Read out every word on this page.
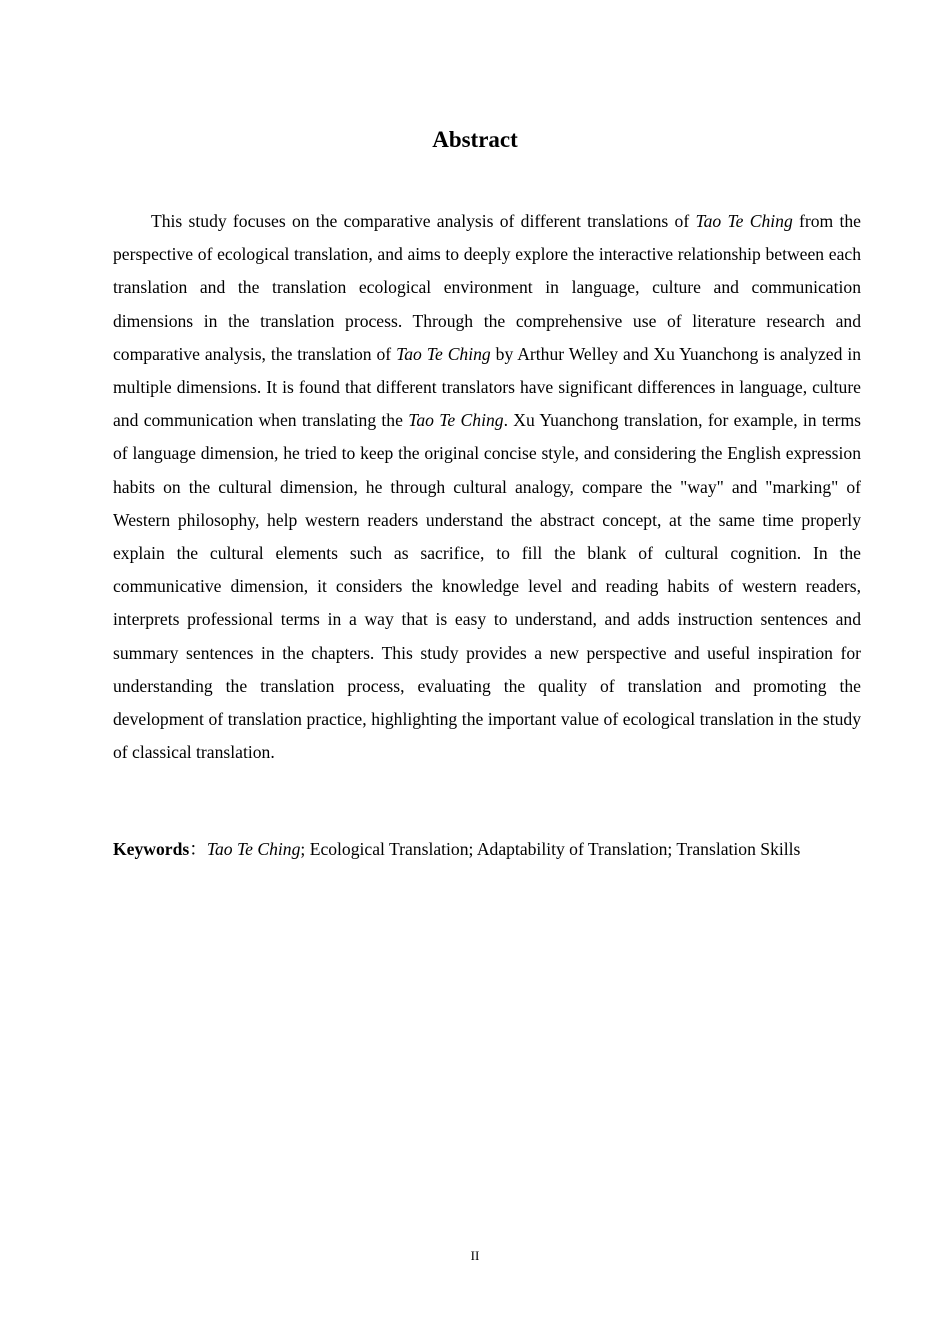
Abstract

This study focuses on the comparative analysis of different translations of Tao Te Ching from the perspective of ecological translation, and aims to deeply explore the interactive relationship between each translation and the translation ecological environment in language, culture and communication dimensions in the translation process. Through the comprehensive use of literature research and comparative analysis, the translation of Tao Te Ching by Arthur Welley and Xu Yuanchong is analyzed in multiple dimensions. It is found that different translators have significant differences in language, culture and communication when translating the Tao Te Ching. Xu Yuanchong translation, for example, in terms of language dimension, he tried to keep the original concise style, and considering the English expression habits on the cultural dimension, he through cultural analogy, compare the "way" and "marking" of Western philosophy, help western readers understand the abstract concept, at the same time properly explain the cultural elements such as sacrifice, to fill the blank of cultural cognition. In the communicative dimension, it considers the knowledge level and reading habits of western readers, interprets professional terms in a way that is easy to understand, and adds instruction sentences and summary sentences in the chapters. This study provides a new perspective and useful inspiration for understanding the translation process, evaluating the quality of translation and promoting the development of translation practice, highlighting the important value of ecological translation in the study of classical translation.

Keywords：Tao Te Ching; Ecological Translation; Adaptability of Translation; Translation Skills

II
